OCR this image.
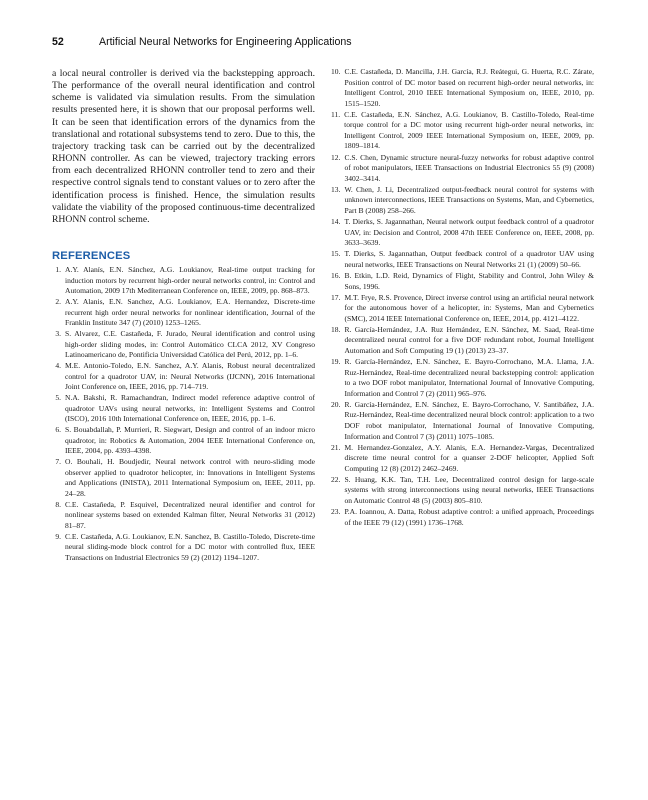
52	Artificial Neural Networks for Engineering Applications

a local neural controller is derived via the backstepping approach. The performance of the overall neural identification and control scheme is validated via simulation results. From the simulation results presented here, it is shown that our proposal performs well. It can be seen that identification errors of the dynamics from the translational and rotational subsystems tend to zero. Due to this, the trajectory tracking task can be carried out by the decentralized RHONN controller. As can be viewed, trajectory tracking errors from each decentralized RHONN controller tend to zero and their respective control signals tend to constant values or to zero after the identification process is finished. Hence, the simulation results validate the viability of the proposed continuous-time decentralized RHONN control scheme.

REFERENCES
1. A.Y. Alanís, E.N. Sánchez, A.G. Loukianov, Real-time output tracking for induction motors by recurrent high-order neural networks control, in: Control and Automation, 2009 17th Mediterranean Conference on, IEEE, 2009, pp. 868–873.
2. A.Y. Alanis, E.N. Sanchez, A.G. Loukianov, E.A. Hernandez, Discrete-time recurrent high order neural networks for nonlinear identification, Journal of the Franklin Institute 347 (7) (2010) 1253–1265.
3. S. Alvarez, C.E. Castañeda, F. Jurado, Neural identification and control using high-order sliding modes, in: Control Automático CLCA 2012, XV Congreso Latinoamericano de, Pontificia Universidad Católica del Perú, 2012, pp. 1–6.
4. M.E. Antonio-Toledo, E.N. Sanchez, A.Y. Alanis, Robust neural decentralized control for a quadrotor UAV, in: Neural Networks (IJCNN), 2016 International Joint Conference on, IEEE, 2016, pp. 714–719.
5. N.A. Bakshi, R. Ramachandran, Indirect model reference adaptive control of quadrotor UAVs using neural networks, in: Intelligent Systems and Control (ISCO), 2016 10th International Conference on, IEEE, 2016, pp. 1–6.
6. S. Bouabdallah, P. Murrieri, R. Siegwart, Design and control of an indoor micro quadrotor, in: Robotics & Automation, 2004 IEEE International Conference on, IEEE, 2004, pp. 4393–4398.
7. O. Bouhali, H. Boudjedir, Neural network control with neuro-sliding mode observer applied to quadrotor helicopter, in: Innovations in Intelligent Systems and Applications (INISTA), 2011 International Symposium on, IEEE, 2011, pp. 24–28.
8. C.E. Castañeda, P. Esquivel, Decentralized neural identifier and control for nonlinear systems based on extended Kalman filter, Neural Networks 31 (2012) 81–87.
9. C.E. Castañeda, A.G. Loukianov, E.N. Sanchez, B. Castillo-Toledo, Discrete-time neural sliding-mode block control for a DC motor with controlled flux, IEEE Transactions on Industrial Electronics 59 (2) (2012) 1194–1207.
10. C.E. Castañeda, D. Mancilla, J.H. García, R.J. Reátegui, G. Huerta, R.C. Zárate, Position control of DC motor based on recurrent high-order neural networks, in: Intelligent Control, 2010 IEEE International Symposium on, IEEE, 2010, pp. 1515–1520.
11. C.E. Castañeda, E.N. Sánchez, A.G. Loukianov, B. Castillo-Toledo, Real-time torque control for a DC motor using recurrent high-order neural networks, in: Intelligent Control, 2009 IEEE International Symposium on, IEEE, 2009, pp. 1809–1814.
12. C.S. Chen, Dynamic structure neural-fuzzy networks for robust adaptive control of robot manipulators, IEEE Transactions on Industrial Electronics 55 (9) (2008) 3402–3414.
13. W. Chen, J. Li, Decentralized output-feedback neural control for systems with unknown interconnections, IEEE Transactions on Systems, Man, and Cybernetics, Part B (2008) 258–266.
14. T. Dierks, S. Jagannathan, Neural network output feedback control of a quadrotor UAV, in: Decision and Control, 2008 47th IEEE Conference on, IEEE, 2008, pp. 3633–3639.
15. T. Dierks, S. Jagannathan, Output feedback control of a quadrotor UAV using neural networks, IEEE Transactions on Neural Networks 21 (1) (2009) 50–66.
16. B. Etkin, L.D. Reid, Dynamics of Flight, Stability and Control, John Wiley & Sons, 1996.
17. M.T. Frye, R.S. Provence, Direct inverse control using an artificial neural network for the autonomous hover of a helicopter, in: Systems, Man and Cybernetics (SMC), 2014 IEEE International Conference on, IEEE, 2014, pp. 4121–4122.
18. R. García-Hernández, J.A. Ruz Hernández, E.N. Sánchez, M. Saad, Real-time decentralized neural control for a five DOF redundant robot, Journal Intelligent Automation and Soft Computing 19 (1) (2013) 23–37.
19. R. García-Hernández, E.N. Sánchez, E. Bayro-Corrochano, M.A. Llama, J.A. Ruz-Hernández, Real-time decentralized neural backstepping control: application to a two DOF robot manipulator, International Journal of Innovative Computing, Information and Control 7 (2) (2011) 965–976.
20. R. García-Hernández, E.N. Sánchez, E. Bayro-Corrochano, V. Santibáñez, J.A. Ruz-Hernández, Real-time decentralized neural block control: application to a two DOF robot manipulator, International Journal of Innovative Computing, Information and Control 7 (3) (2011) 1075–1085.
21. M. Hernandez-Gonzalez, A.Y. Alanis, E.A. Hernandez-Vargas, Decentralized discrete time neural control for a quanser 2-DOF helicopter, Applied Soft Computing 12 (8) (2012) 2462–2469.
22. S. Huang, K.K. Tan, T.H. Lee, Decentralized control design for large-scale systems with strong interconnections using neural networks, IEEE Transactions on Automatic Control 48 (5) (2003) 805–810.
23. P.A. Ioannou, A. Datta, Robust adaptive control: a unified approach, Proceedings of the IEEE 79 (12) (1991) 1736–1768.
